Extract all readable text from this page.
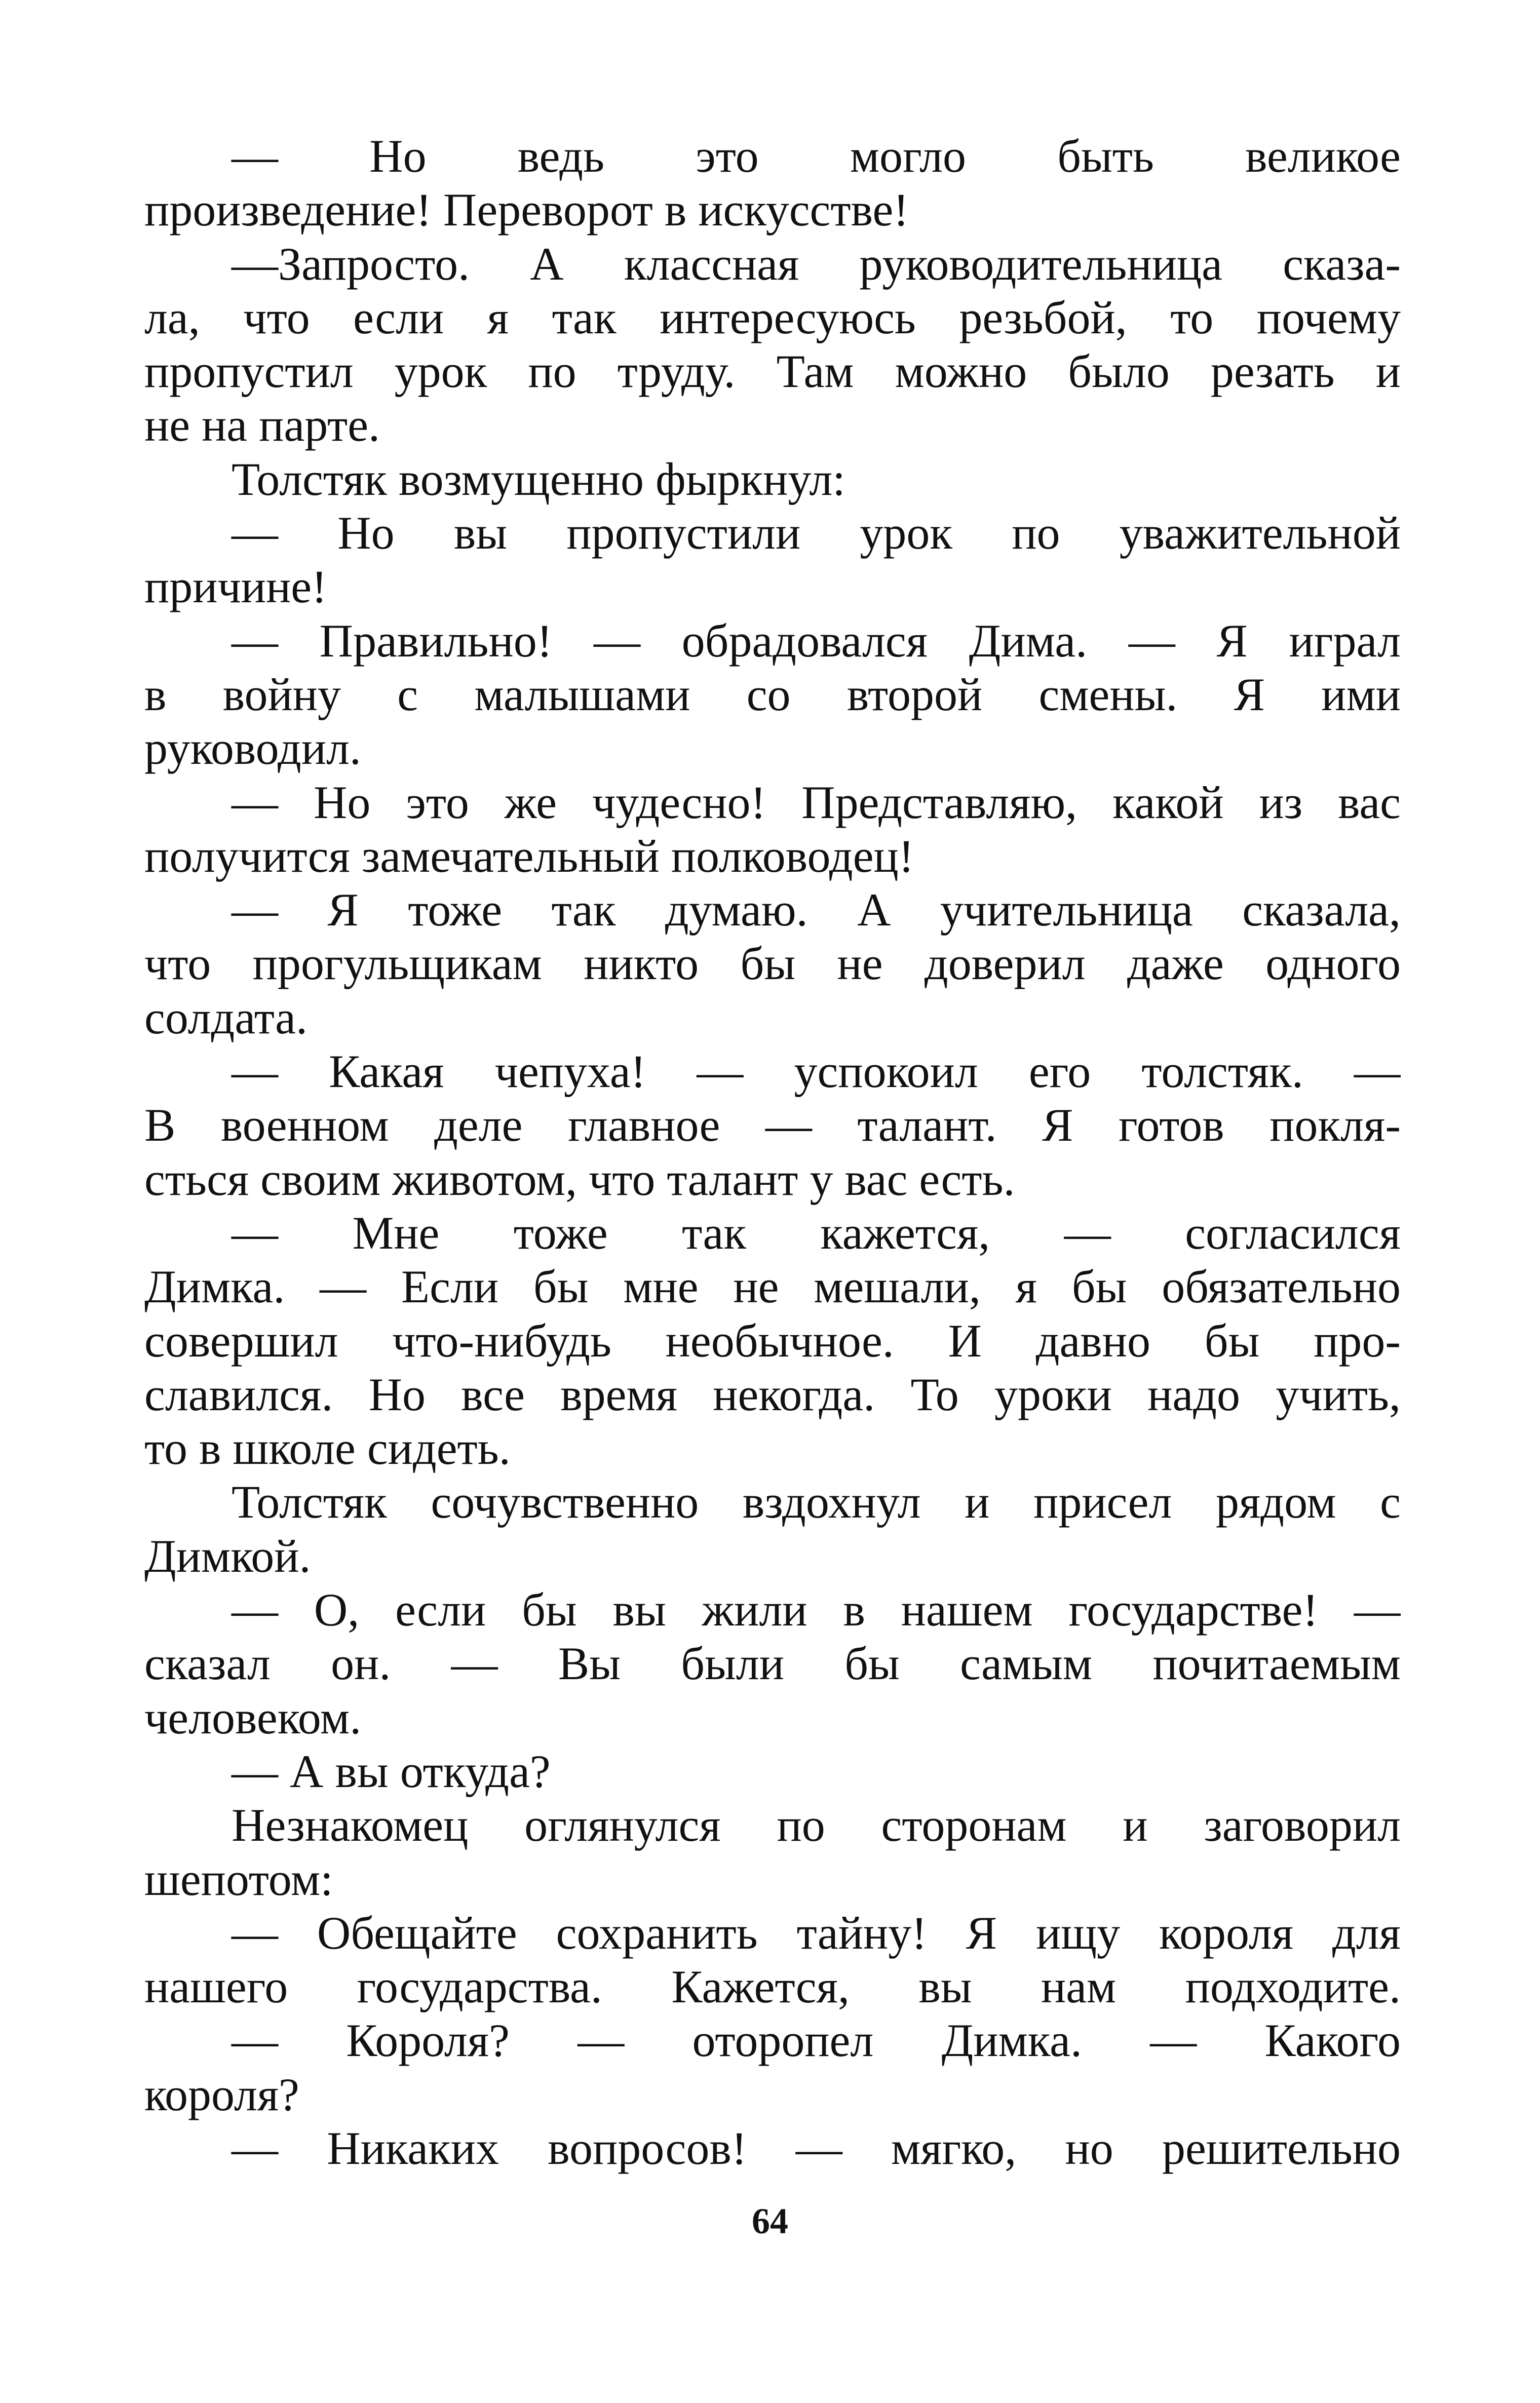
— Но ведь это могло быть великое
произведение! Переворот в искусстве!
—Запросто. А классная руководительница сказа-
ла, что если я так интересуюсь резьбой, то почему
пропустил урок по труду. Там можно было резать и
не на парте.
Толстяк возмущенно фыркнул:
— Но вы пропустили урок по уважительной
причине!
— Правильно! — обрадовался Дима. — Я играл
в войну с малышами со второй смены. Я ими
руководил.
— Но это же чудесно! Представляю, какой из вас
получится замечательный полководец!
— Я тоже так думаю. А учительница сказала,
что прогульщикам никто бы не доверил даже одного
солдата.
— Какая чепуха! — успокоил его толстяк. —
В военном деле главное — талант. Я готов покля-
сться своим животом, что талант у вас есть.
— Мне тоже так кажется, — согласился
Димка. — Если бы мне не мешали, я бы обязательно
совершил что-нибудь необычное. И давно бы про-
славился. Но все время некогда. То уроки надо учить,
то в школе сидеть.
Толстяк сочувственно вздохнул и присел рядом с
Димкой.
— О, если бы вы жили в нашем государстве! —
сказал он. — Вы были бы самым почитаемым
человеком.
— А вы откуда?
Незнакомец оглянулся по сторонам и заговорил
шепотом:
— Обещайте сохранить тайну! Я ищу короля для
нашего государства. Кажется, вы нам подходите.
— Короля? — оторопел Димка. — Какого
короля?
— Никаких вопросов! — мягко, но решительно
64
